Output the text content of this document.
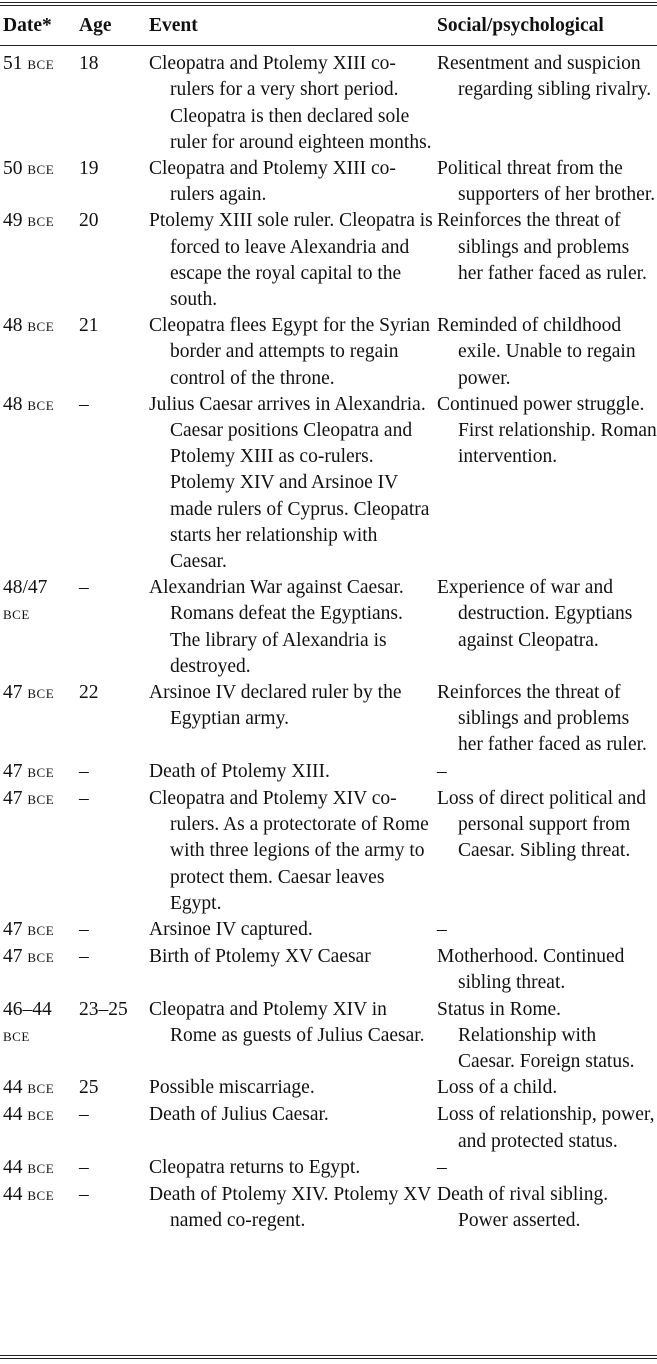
Date*	Age	Event	Social/psychological

51 BCE	18	Cleopatra and Ptolemy XIII co-rulers for a very short period. Cleopatra is then declared sole ruler for around eighteen months.	Resentment and suspicion regarding sibling rivalry.
50 BCE	19	Cleopatra and Ptolemy XIII co-rulers again.	Political threat from the supporters of her brother.
49 BCE	20	Ptolemy XIII sole ruler. Cleopatra is forced to leave Alexandria and escape the royal capital to the south.	Reinforces the threat of siblings and problems her father faced as ruler.
48 BCE	21	Cleopatra flees Egypt for the Syrian border and attempts to regain control of the throne.	Reminded of childhood exile. Unable to regain power.
48 BCE	–	Julius Caesar arrives in Alexandria. Caesar positions Cleopatra and Ptolemy XIII as co-rulers. Ptolemy XIV and Arsinoe IV made rulers of Cyprus. Cleopatra starts her relationship with Caesar.	Continued power struggle. First relationship. Roman intervention.
48/47 BCE	–	Alexandrian War against Caesar. Romans defeat the Egyptians. The library of Alexandria is destroyed.	Experience of war and destruction. Egyptians against Cleopatra.
47 BCE	22	Arsinoe IV declared ruler by the Egyptian army.	Reinforces the threat of siblings and problems her father faced as ruler.
47 BCE	–	Death of Ptolemy XIII.	–
47 BCE	–	Cleopatra and Ptolemy XIV co-rulers. As a protectorate of Rome with three legions of the army to protect them. Caesar leaves Egypt.	Loss of direct political and personal support from Caesar. Sibling threat.
47 BCE	–	Arsinoe IV captured.	–
47 BCE	–	Birth of Ptolemy XV Caesar	Motherhood. Continued sibling threat.
46–44 BCE	23–25	Cleopatra and Ptolemy XIV in Rome as guests of Julius Caesar.	Status in Rome. Relationship with Caesar. Foreign status.
44 BCE	25	Possible miscarriage.	Loss of a child.
44 BCE	–	Death of Julius Caesar.	Loss of relationship, power, and protected status.
44 BCE	–	Cleopatra returns to Egypt.	–
44 BCE	–	Death of Ptolemy XIV. Ptolemy XV named co-regent.	Death of rival sibling. Power asserted.
